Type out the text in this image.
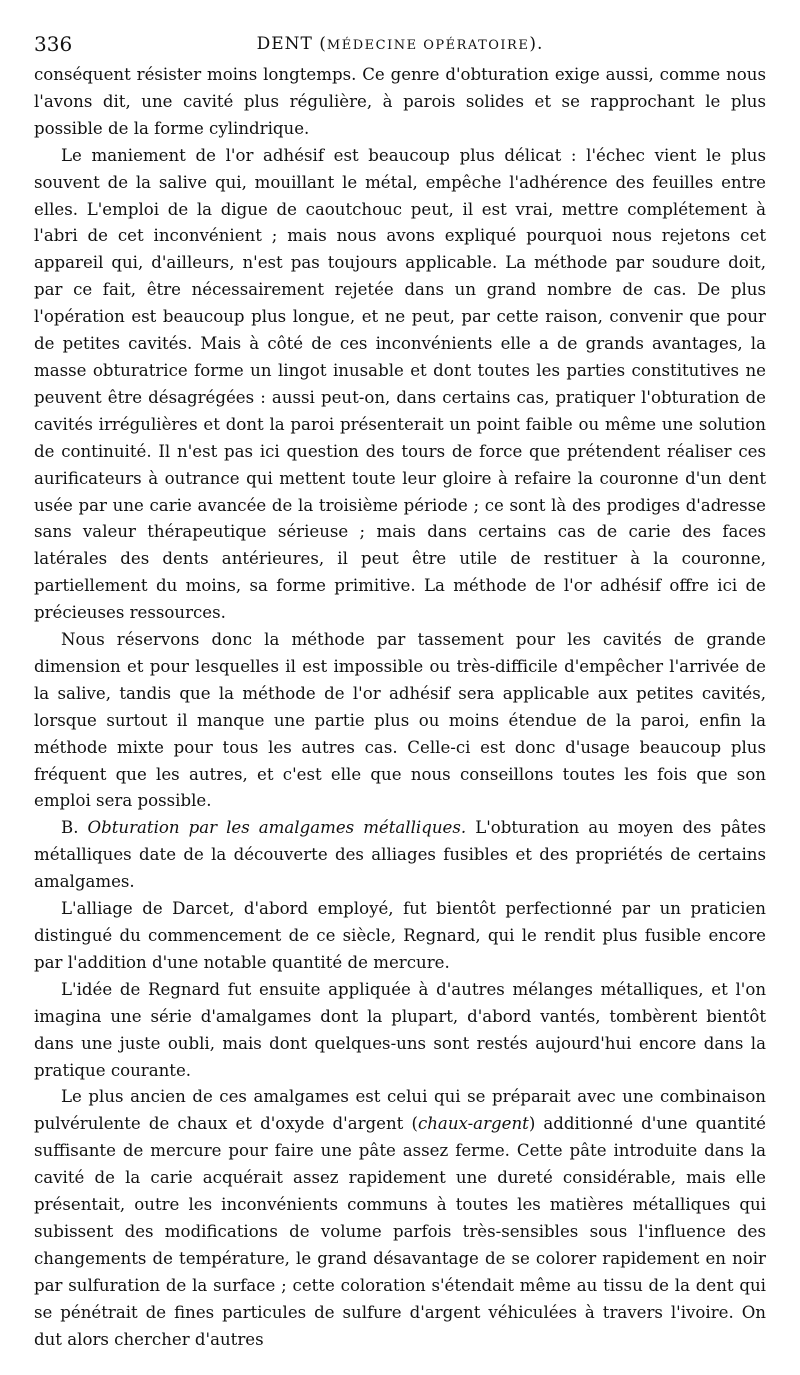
336	DENT (MÉDECINE OPÉRATOIRE).

conséquent résister moins longtemps. Ce genre d'obturation exige aussi, comme nous l'avons dit, une cavité plus régulière, à parois solides et se rapprochant le plus possible de la forme cylindrique.

Le maniement de l'or adhésif est beaucoup plus délicat : l'échec vient le plus souvent de la salive qui, mouillant le métal, empêche l'adhérence des feuilles entre elles. L'emploi de la digue de caoutchouc peut, il est vrai, mettre complétement à l'abri de cet inconvénient ; mais nous avons expliqué pourquoi nous rejetons cet appareil qui, d'ailleurs, n'est pas toujours applicable. La méthode par soudure doit, par ce fait, être nécessairement rejetée dans un grand nombre de cas. De plus l'opération est beaucoup plus longue, et ne peut, par cette raison, convenir que pour de petites cavités. Mais à côté de ces inconvénients elle a de grands avantages, la masse obturatrice forme un lingot inusable et dont toutes les parties constitutives ne peuvent être désagrégées : aussi peut-on, dans certains cas, pratiquer l'obturation de cavités irrégulières et dont la paroi présenterait un point faible ou même une solution de continuité. Il n'est pas ici question des tours de force que prétendent réaliser ces aurificateurs à outrance qui mettent toute leur gloire à refaire la couronne d'un dent usée par une carie avancée de la troisième période ; ce sont là des prodiges d'adresse sans valeur thérapeutique sérieuse ; mais dans certains cas de carie des faces latérales des dents antérieures, il peut être utile de restituer à la couronne, partiellement du moins, sa forme primitive. La méthode de l'or adhésif offre ici de précieuses ressources.

Nous réservons donc la méthode par tassement pour les cavités de grande dimension et pour lesquelles il est impossible ou très-difficile d'empêcher l'arrivée de la salive, tandis que la méthode de l'or adhésif sera applicable aux petites cavités, lorsque surtout il manque une partie plus ou moins étendue de la paroi, enfin la méthode mixte pour tous les autres cas. Celle-ci est donc d'usage beaucoup plus fréquent que les autres, et c'est elle que nous conseillons toutes les fois que son emploi sera possible.

B. Obturation par les amalgames métalliques. L'obturation au moyen des pâtes métalliques date de la découverte des alliages fusibles et des propriétés de certains amalgames.

L'alliage de Darcet, d'abord employé, fut bientôt perfectionné par un praticien distingué du commencement de ce siècle, Regnard, qui le rendit plus fusible encore par l'addition d'une notable quantité de mercure.

L'idée de Regnard fut ensuite appliquée à d'autres mélanges métalliques, et l'on imagina une série d'amalgames dont la plupart, d'abord vantés, tombèrent bientôt dans une juste oubli, mais dont quelques-uns sont restés aujourd'hui encore dans la pratique courante.

Le plus ancien de ces amalgames est celui qui se préparait avec une combinaison pulvérulente de chaux et d'oxyde d'argent (chaux-argent) additionné d'une quantité suffisante de mercure pour faire une pâte assez ferme. Cette pâte introduite dans la cavité de la carie acquérait assez rapidement une dureté considérable, mais elle présentait, outre les inconvénients communs à toutes les matières métalliques qui subissent des modifications de volume parfois très-sensibles sous l'influence des changements de température, le grand désavantage de se colorer rapidement en noir par sulfuration de la surface ; cette coloration s'étendait même au tissu de la dent qui se pénétrait de fines particules de sulfure d'argent véhiculées à travers l'ivoire. On dut alors chercher d'autres
